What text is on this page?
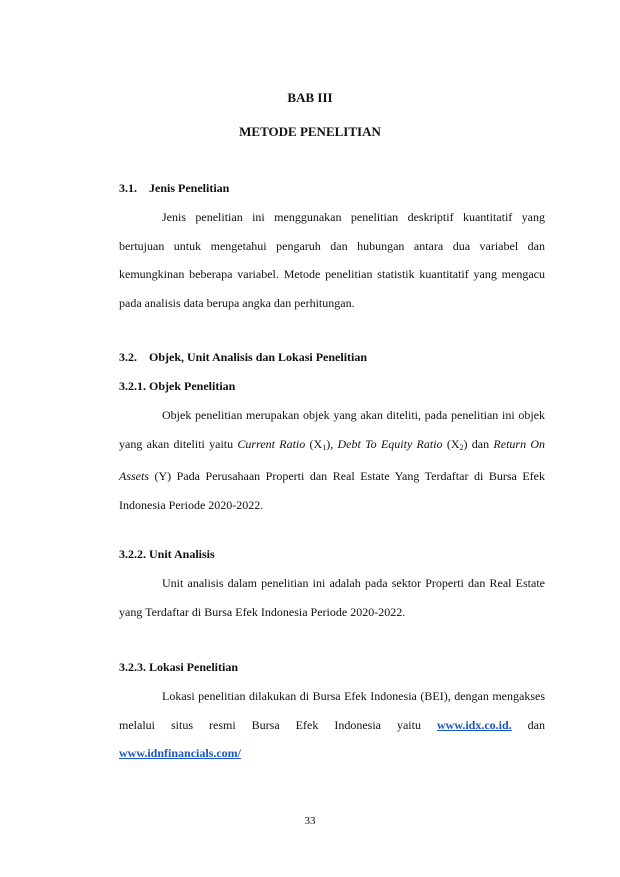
BAB III
METODE PENELITIAN
3.1. Jenis Penelitian

Jenis penelitian ini menggunakan penelitian deskriptif kuantitatif yang bertujuan untuk mengetahui pengaruh dan hubungan antara dua variabel dan kemungkinan beberapa variabel. Metode penelitian statistik kuantitatif yang mengacu pada analisis data berupa angka dan perhitungan.

3.2. Objek, Unit Analisis dan Lokasi Penelitian
3.2.1. Objek Penelitian

Objek penelitian merupakan objek yang akan diteliti, pada penelitian ini objek yang akan diteliti yaitu Current Ratio $(X_1)$, Debt To Equity Ratio $(X_2)$ dan Return On Assets (Y) Pada Perusahaan Properti dan Real Estate Yang Terdaftar di Bursa Efek Indonesia Periode 2020-2022.

3.2.2. Unit Analisis

Unit analisis dalam penelitian ini adalah pada sektor Properti dan Real Estate yang Terdaftar di Bursa Efek Indonesia Periode 2020-2022.

3.2.3. Lokasi Penelitian

Lokasi penelitian dilakukan di Bursa Efek Indonesia (BEI), dengan mengakses melalui situs resmi Bursa Efek Indonesia yaitu www.idx.co.id. dan www.idnfinancials.com/

33
